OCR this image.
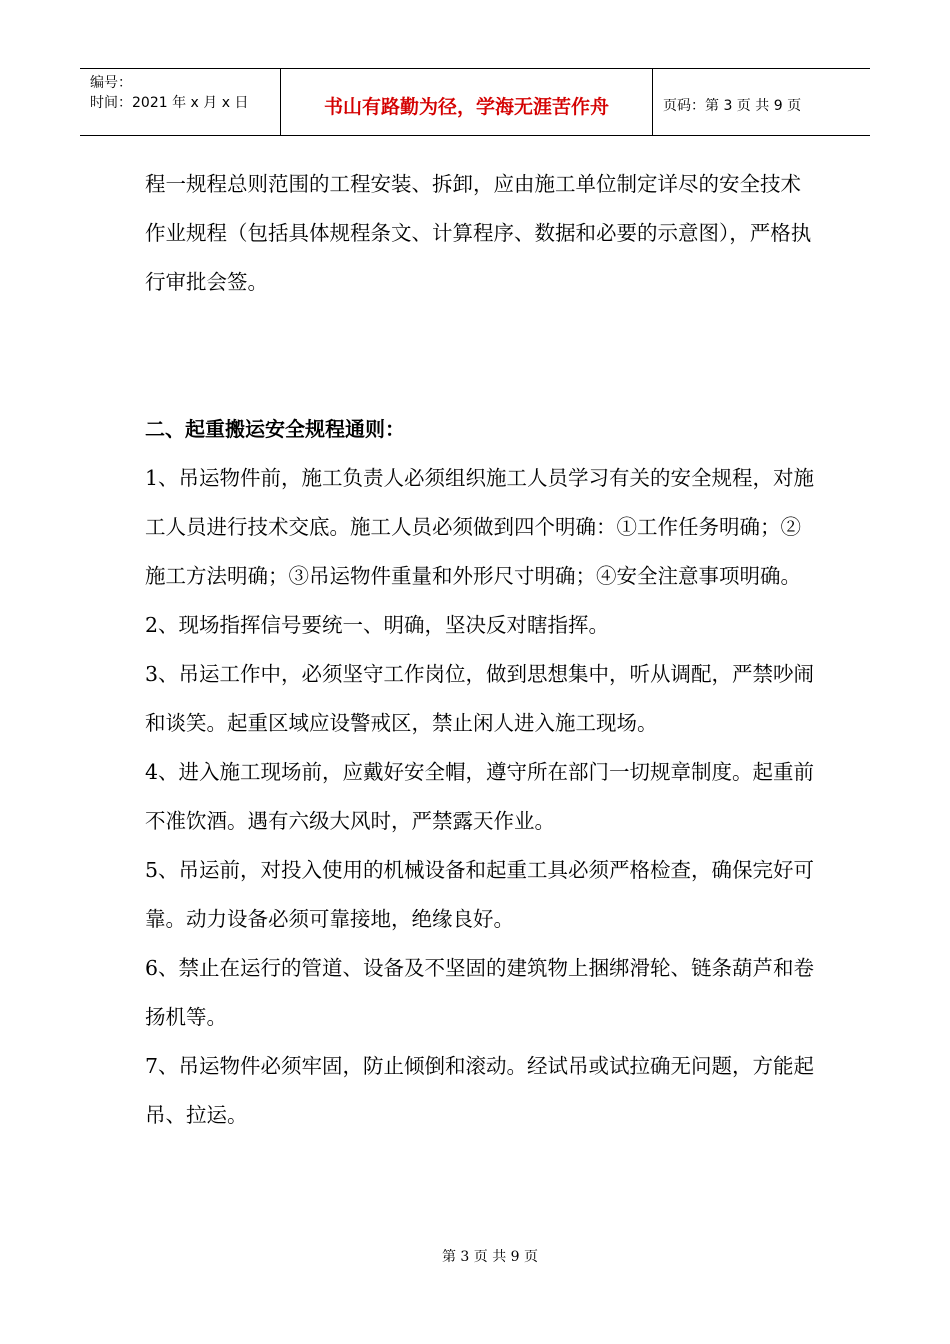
编号：
时间：2021 年 x 月 x 日	书山有路勤为径，学海无涯苦作舟	页码：第 3 页 共 9 页

程一规程总则范围的工程安装、拆卸，应由施工单位制定详尽的安全技术作业规程（包括具体规程条文、计算程序、数据和必要的示意图），严格执行审批会签。

二、起重搬运安全规程通则：

1、吊运物件前，施工负责人必须组织施工人员学习有关的安全规程，对施工人员进行技术交底。施工人员必须做到四个明确：①工作任务明确；②施工方法明确；③吊运物件重量和外形尺寸明确；④安全注意事项明确。

2、现场指挥信号要统一、明确，坚决反对瞎指挥。

3、吊运工作中，必须坚守工作岗位，做到思想集中，听从调配，严禁吵闹和谈笑。起重区域应设警戒区，禁止闲人进入施工现场。

4、进入施工现场前，应戴好安全帽，遵守所在部门一切规章制度。起重前不准饮酒。遇有六级大风时，严禁露天作业。

5、吊运前，对投入使用的机械设备和起重工具必须严格检查，确保完好可靠。动力设备必须可靠接地，绝缘良好。

6、禁止在运行的管道、设备及不坚固的建筑物上捆绑滑轮、链条葫芦和卷扬机等。

7、吊运物件必须牢固，防止倾倒和滚动。经试吊或试拉确无问题，方能起吊、拉运。

第 3 页 共 9 页
